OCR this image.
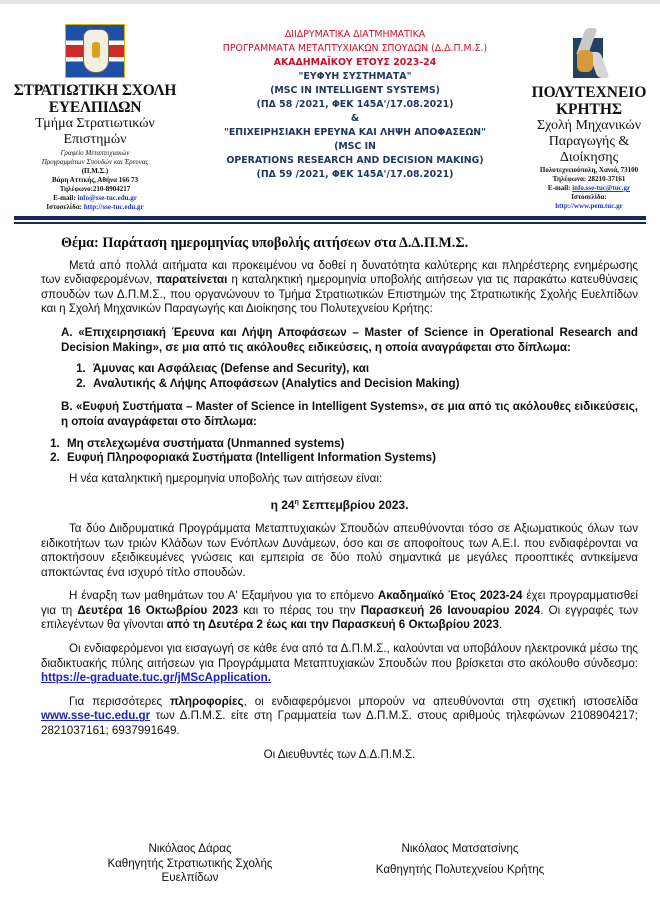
ΣΤΡΑΤΙΩΤΙΚΗ ΣΧΟΛΗ
ΕΥΕΛΠΙΔΩΝ
Τμήμα Στρατιωτικών
Επιστημών
Γραφείο Μεταπτυχιακών
Προγραμμάτων Σπουδών και Έρευνας
(Π.Μ.Σ.)
Βάρη Αττικής, Αθήνα 166 73
Τηλέφωνο:210-8904217
E-mail: info@sse-tuc.edu.gr
Ιστοσελίδα: http://sse-tuc.edu.gr
ΔΙΙΔΡΥΜΑΤΙΚΑ ΔΙΑΤΜΗΜΑΤΙΚΑ
ΠΡΟΓΡΑΜΜΑΤΑ ΜΕΤΑΠΤΥΧΙΑΚΩΝ ΣΠΟΥΔΩΝ (Δ.Δ.Π.Μ.Σ.)
ΑΚΑΔΗΜΑΪΚΟΥ ΕΤΟΥΣ 2023-24
"ΕΥΦΥΗ ΣΥΣΤΗΜΑΤΑ"
(MSC IN INTELLIGENT SYSTEMS)
(ΠΔ 58 /2021, ΦΕΚ 145Α'/17.08.2021)
&
"ΕΠΙΧΕΙΡΗΣΙΑΚΗ ΕΡΕΥΝΑ ΚΑΙ ΛΗΨΗ ΑΠΟΦΑΣΕΩΝ"
(MSC IN
OPERATIONS RESEARCH AND DECISION MAKING)
(ΠΔ 59 /2021, ΦΕΚ 145Α'/17.08.2021)
ΠΟΛΥΤΕΧΝΕΙΟ
ΚΡΗΤΗΣ
Σχολή Μηχανικών
Παραγωγής &
Διοίκησης
Πολυτεχνειούπολη, Χανιά, 73100
Τηλέφωνα: 28210-37161
E-mail: info.sse-tuc@tuc.gr
Ιστοσελίδα:
http://www.pem.tuc.gr
Θέμα: Παράταση ημερομηνίας υποβολής αιτήσεων στα Δ.Δ.Π.Μ.Σ.

Μετά από πολλά αιτήματα και προκειμένου να δοθεί η δυνατότητα καλύτερης και πληρέστερης ενημέρωσης των ενδιαφερομένων, παρατείνεται η καταληκτική ημερομηνία υποβολής αιτήσεων για τις παρακάτω κατευθύνσεις σπουδών των Δ.Π.Μ.Σ., που οργανώνουν το Τμήμα Στρατιωτικών Επιστημών της Στρατιωτικής Σχολής Ευελπίδων και η Σχολή Μηχανικών Παραγωγής και Διοίκησης του Πολυτεχνείου Κρήτης:

Α. «Επιχειρησιακή Έρευνα και Λήψη Αποφάσεων – Master of Science in Operational Research and Decision Making», σε μια από τις ακόλουθες ειδικεύσεις, η οποία αναγράφεται στο δίπλωμα:

1. Άμυνας και Ασφάλειας (Defense and Security), και
2. Αναλυτικής & Λήψης Αποφάσεων (Analytics and Decision Making)

Β. «Ευφυή Συστήματα – Master of Science in Intelligent Systems», σε μια από τις ακόλουθες ειδικεύσεις, η οποία αναγράφεται στο δίπλωμα:

1. Μη στελεχωμένα συστήματα (Unmanned systems)
2. Ευφυή Πληροφοριακά Συστήματα (Intelligent Information Systems)

Η νέα καταληκτική ημερομηνία υποβολής των αιτήσεων είναι:

η $24^\eta$ Σεπτεμβρίου 2023.

Τα δύο Διιδρυματικά Προγράμματα Μεταπτυχιακών Σπουδών απευθύνονται τόσο σε Αξιωματικούς όλων των ειδικοτήτων των τριών Κλάδων των Ενόπλων Δυνάμεων, όσο και σε αποφοίτους των Α.Ε.Ι. που ενδιαφέρονται να αποκτήσουν εξειδικευμένες γνώσεις και εμπειρία σε δύο πολύ σημαντικά με μεγάλες προοπτικές αντικείμενα αποκτώντας ένα ισχυρό τίτλο σπουδών.

Η έναρξη των μαθημάτων του Α' Εξαμήνου για το επόμενο Ακαδημαϊκό Έτος 2023-24 έχει προγραμματισθεί για τη Δευτέρα 16 Οκτωβρίου 2023 και το πέρας του την Παρασκευή 26 Ιανουαρίου 2024. Οι εγγραφές των επιλεγέντων θα γίνονται από τη Δευτέρα 2 έως και την Παρασκευή 6 Οκτωβρίου 2023.

Οι ενδιαφερόμενοι για εισαγωγή σε κάθε ένα από τα Δ.Π.Μ.Σ., καλούνται να υποβάλουν ηλεκτρονικά μέσω της διαδικτυακής πύλης αιτήσεων για Προγράμματα Μεταπτυχιακών Σπουδών που βρίσκεται στο ακόλουθο σύνδεσμο: https://e-graduate.tuc.gr/jMScApplication.

Για περισσότερες πληροφορίες, οι ενδιαφερόμενοι μπορούν να απευθύνονται στη σχετική ιστοσελίδα www.sse-tuc.edu.gr των Δ.Π.Μ.Σ. είτε στη Γραμματεία των Δ.Π.Μ.Σ. στους αριθμούς τηλεφώνων 2108904217; 2821037161; 6937991649.

Οι Διευθυντές των Δ.Δ.Π.Μ.Σ.

Νικόλαος Δάρας
Καθηγητής Στρατιωτικής Σχολής
Ευελπίδων
Νικόλαος Ματσατσίνης
Καθηγητής Πολυτεχνείου Κρήτης
